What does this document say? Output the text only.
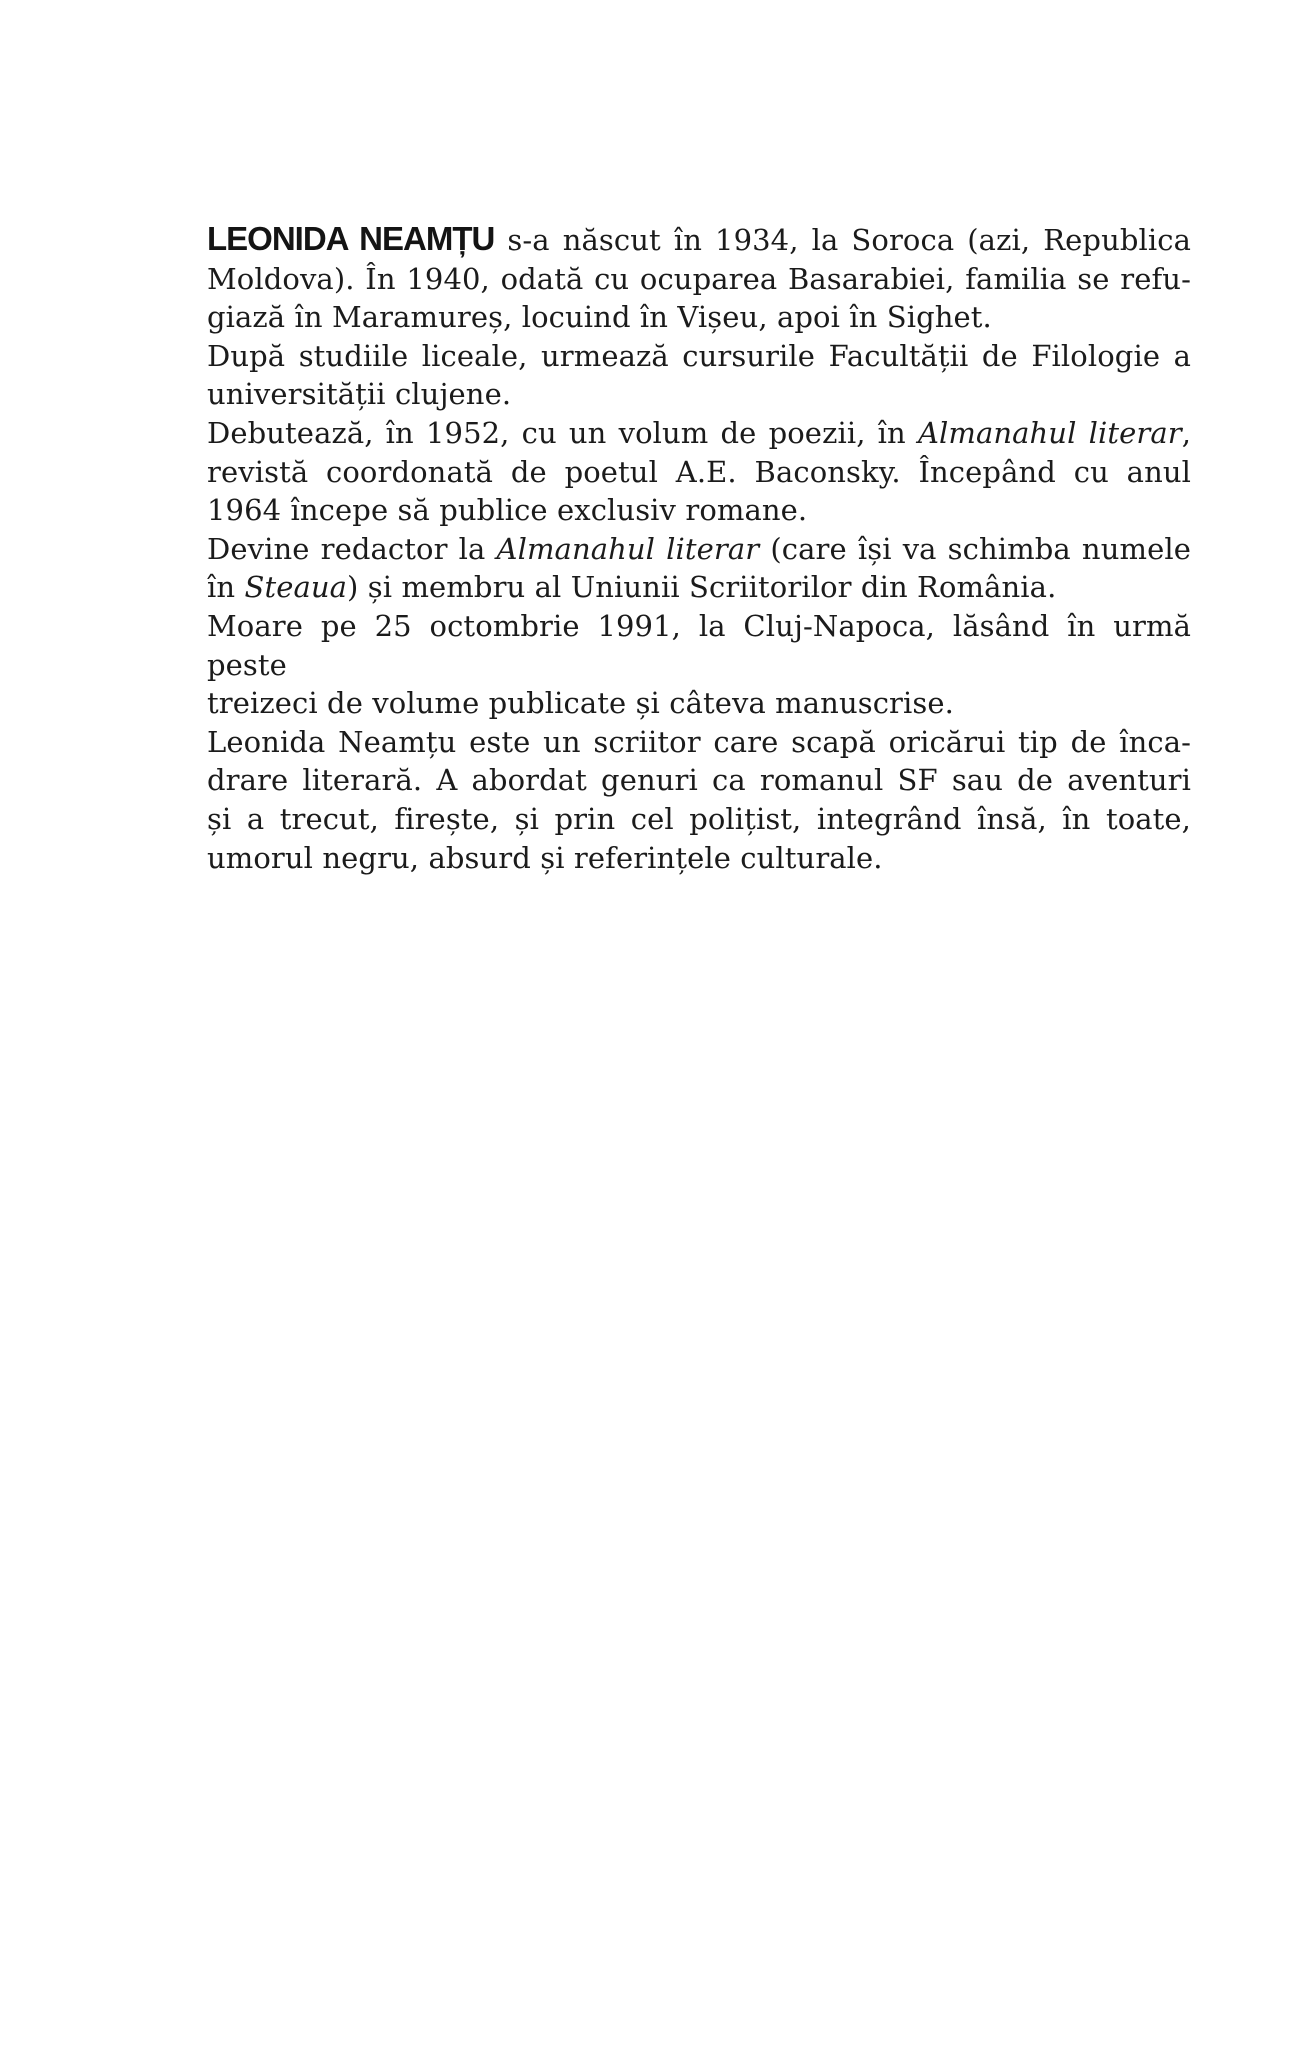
LEONIDA NEAMȚU s-a născut în 1934, la Soroca (azi, Republica
Moldova). În 1940, odată cu ocuparea Basarabiei, familia se refu-
giază în Maramureș, locuind în Vișeu, apoi în Sighet.
După studiile liceale, urmează cursurile Facultății de Filologie a
universității clujene.
Debutează, în 1952, cu un volum de poezii, în Almanahul literar,
revistă coordonată de poetul A.E. Baconsky. Începând cu anul
1964 începe să publice exclusiv romane.
Devine redactor la Almanahul literar (care își va schimba numele
în Steaua) și membru al Uniunii Scriitorilor din România.
Moare pe 25 octombrie 1991, la Cluj-Napoca, lăsând în urmă peste
treizeci de volume publicate și câteva manuscrise.
Leonida Neamțu este un scriitor care scapă oricărui tip de înca-
drare literară. A abordat genuri ca romanul SF sau de aventuri
și a trecut, firește, și prin cel polițist, integrând însă, în toate,
umorul negru, absurd și referințele culturale.
